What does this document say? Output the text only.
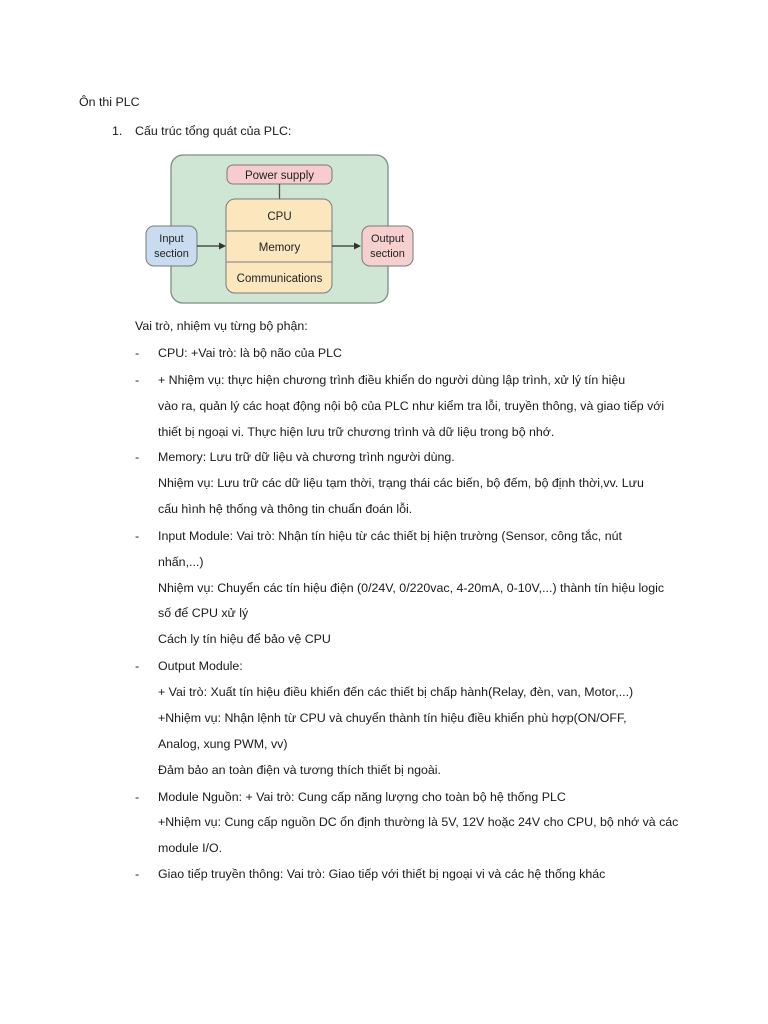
Ôn thi PLC
1. Cấu trúc tổng quát của PLC:
Power supply
CPU
Memory
Communications
Input
section
Output
section
Vai trò, nhiệm vụ từng bộ phận:
- CPU: +Vai trò: là bộ não của PLC
- + Nhiệm vụ: thực hiện chương trình điều khiển do người dùng lập trình, xử lý tín hiệu
vào ra, quản lý các hoạt động nội bộ của PLC như kiểm tra lỗi, truyền thông, và giao tiếp với
thiết bị ngoại vi. Thực hiện lưu trữ chương trình và dữ liệu trong bộ nhớ.
- Memory: Lưu trữ dữ liệu và chương trình người dùng.
Nhiệm vụ: Lưu trữ các dữ liệu tạm thời, trạng thái các biến, bộ đếm, bộ định thời,vv. Lưu
cấu hình hệ thống và thông tin chuẩn đoán lỗi.
- Input Module: Vai trò: Nhận tín hiệu từ các thiết bị hiện trường (Sensor, công tắc, nút
nhấn,...)
Nhiệm vụ: Chuyển các tín hiệu điện (0/24V, 0/220vac, 4-20mA, 0-10V,...) thành tín hiệu logic
số để CPU xử lý
Cách ly tín hiệu để bảo vệ CPU
- Output Module:
+ Vai trò: Xuất tín hiệu điều khiển đến các thiết bị chấp hành(Relay, đèn, van, Motor,...)
+Nhiệm vụ: Nhận lệnh từ CPU và chuyển thành tín hiệu điều khiển phù hợp(ON/OFF,
Analog, xung PWM, vv)
Đảm bảo an toàn điện và tương thích thiết bị ngoài.
- Module Nguồn: + Vai trò: Cung cấp năng lượng cho toàn bộ hệ thống PLC
+Nhiệm vụ: Cung cấp nguồn DC ổn định thường là 5V, 12V hoặc 24V cho CPU, bộ nhớ và các
module I/O.
- Giao tiếp truyền thông: Vai trò: Giao tiếp với thiết bị ngoại vi và các hệ thống khác
